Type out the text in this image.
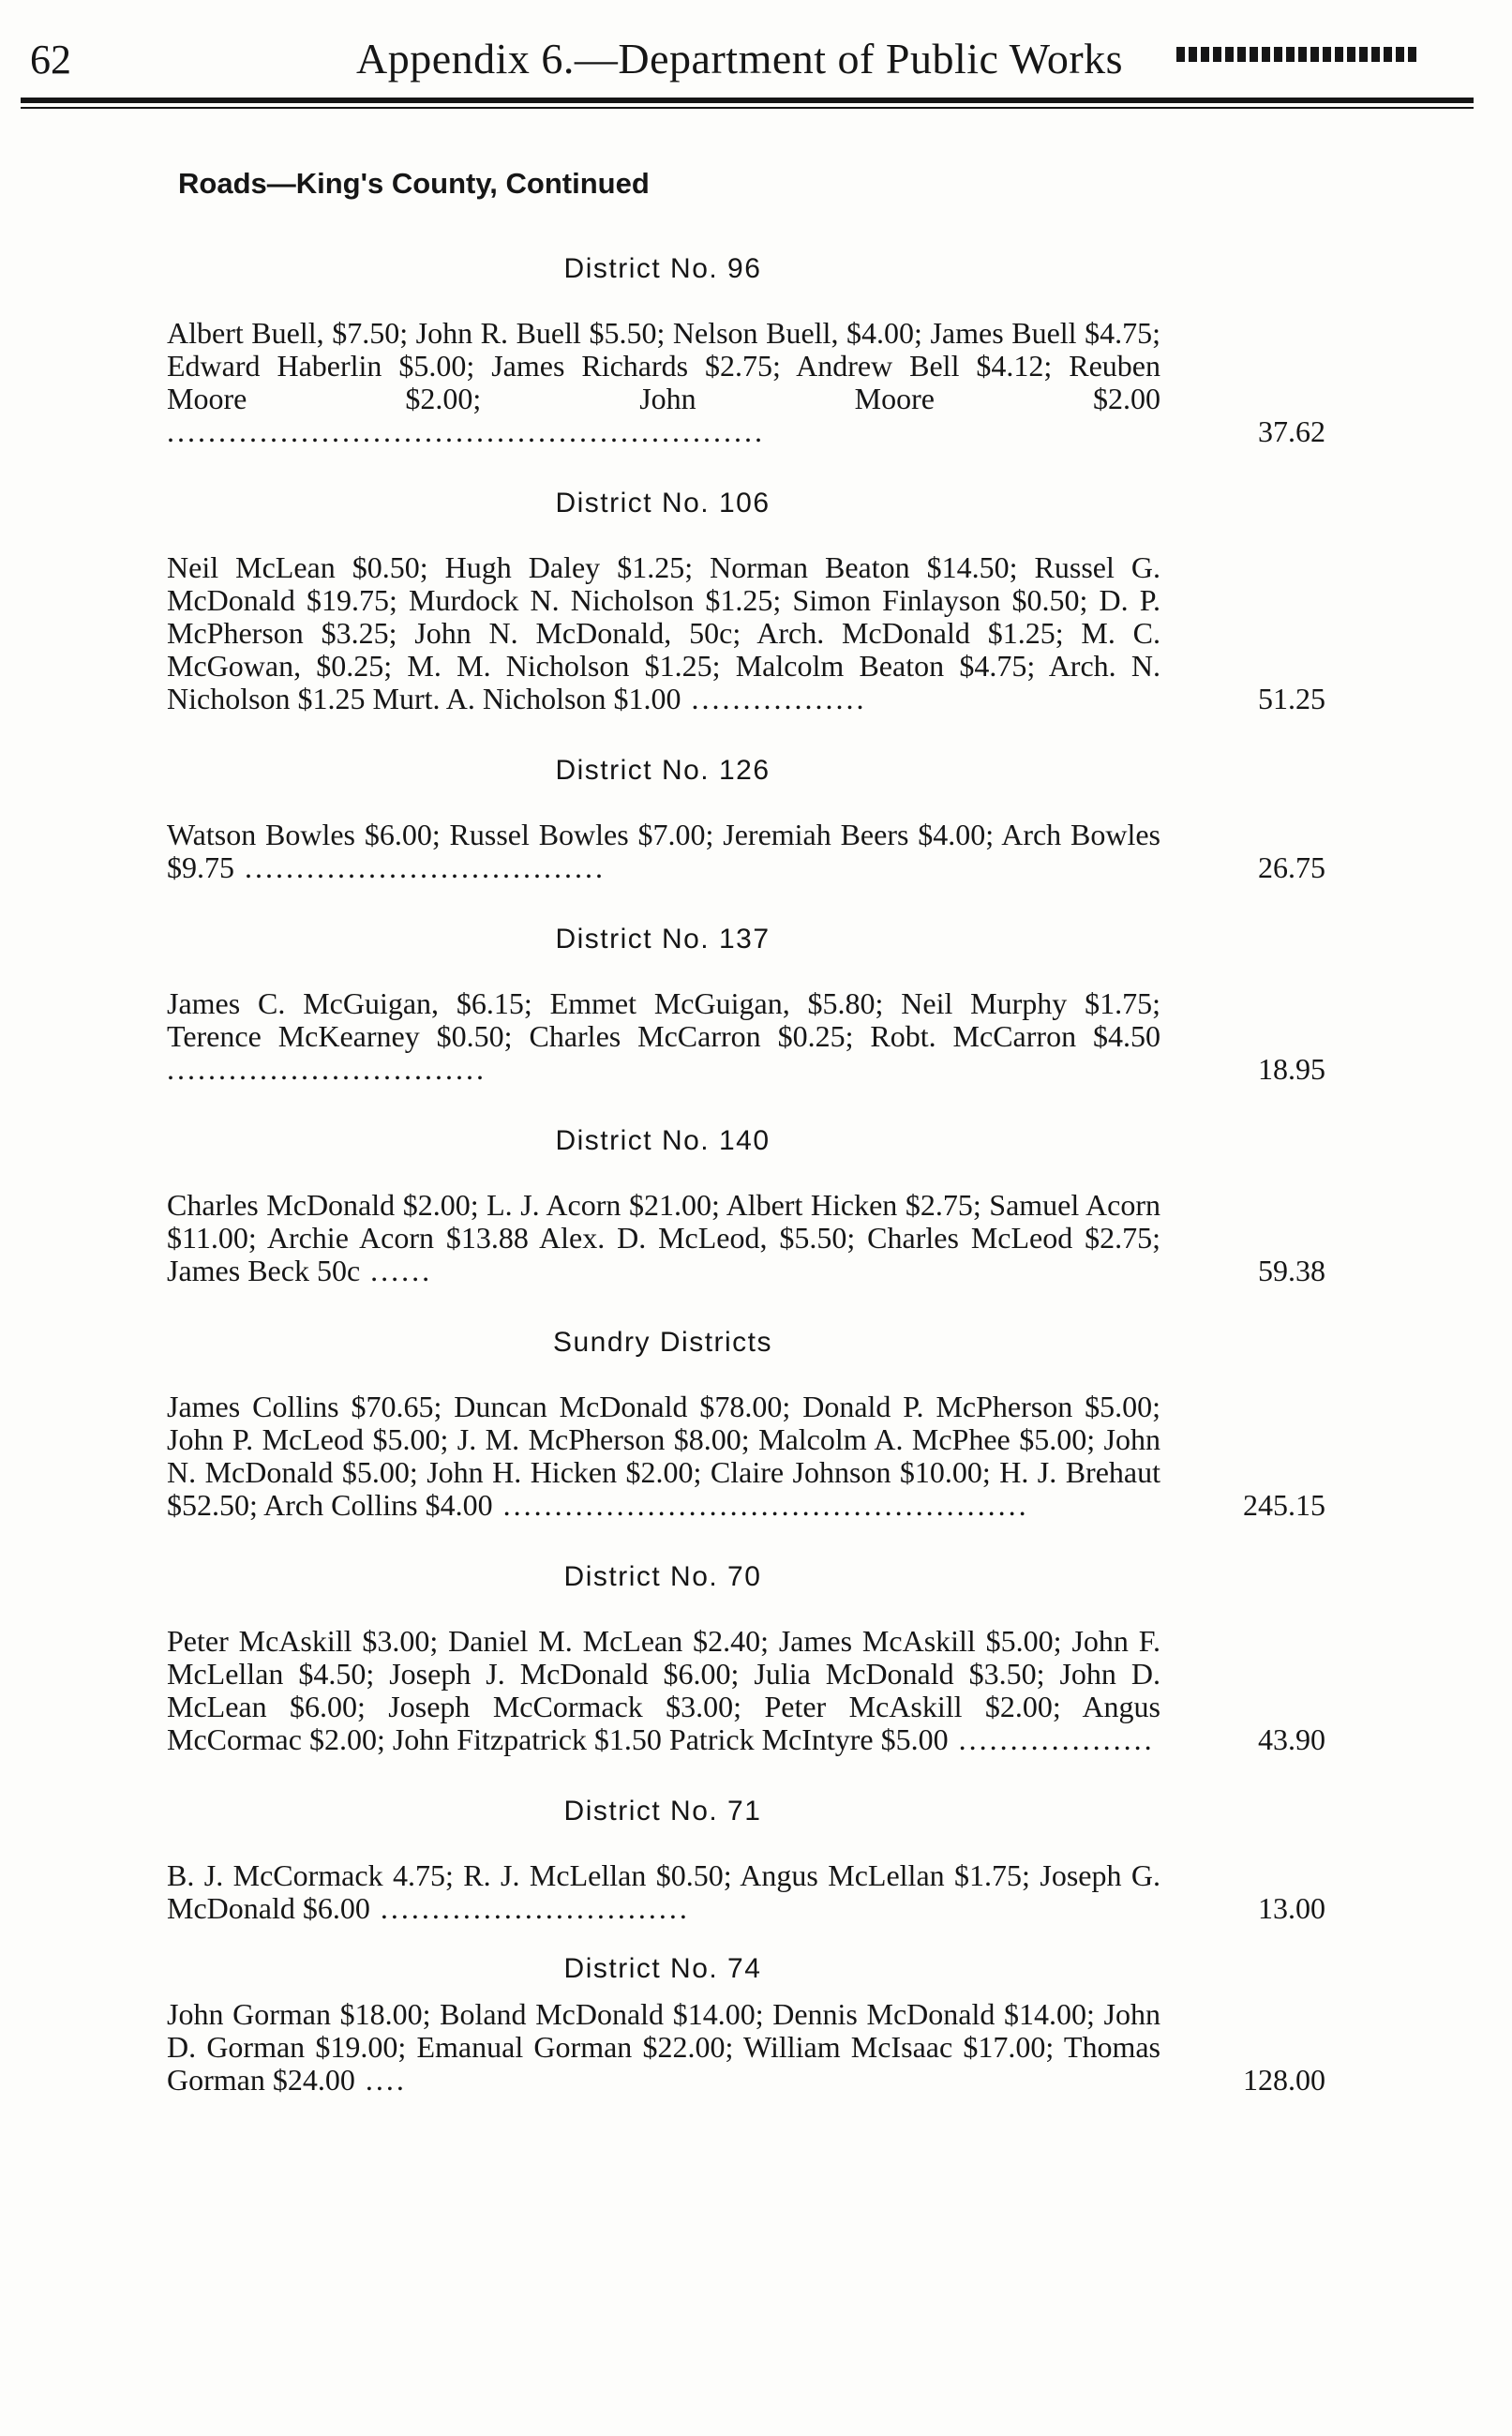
62	Appendix 6.—Department of Public Works
Roads—King's County, Continued
District No. 96
Albert Buell, $7.50; John R. Buell $5.50; Nelson Buell, $4.00; James Buell $4.75; Edward Haberlin $5.00; James Richards $2.75; Andrew Bell $4.12; Reuben Moore $2.00; John Moore $2.00 ..........................................................	37.62
District No. 106
Neil McLean $0.50; Hugh Daley $1.25; Norman Beaton $14.50; Russel G. McDonald $19.75; Murdock N. Nicholson $1.25; Simon Finlayson $0.50; D. P. McPherson $3.25; John N. McDonald, 50c; Arch. McDonald $1.25; M. C. McGowan, $0.25; M. M. Nicholson $1.25; Malcolm Beaton $4.75; Arch. N. Nicholson $1.25 Murt. A. Nicholson $1.00 .................	51.25
District No. 126
Watson Bowles $6.00; Russel Bowles $7.00; Jeremiah Beers $4.00; Arch Bowles $9.75 ...................................	26.75
District No. 137
James C. McGuigan, $6.15; Emmet McGuigan, $5.80; Neil Murphy $1.75; Terence McKearney $0.50; Charles McCarron $0.25; Robt. McCarron $4.50 ...............................	18.95
District No. 140
Charles McDonald $2.00; L. J. Acorn $21.00; Albert Hicken $2.75; Samuel Acorn $11.00; Archie Acorn $13.88 Alex. D. McLeod, $5.50; Charles McLeod $2.75; James Beck 50c ......	59.38
Sundry Districts
James Collins $70.65; Duncan McDonald $78.00; Donald P. McPherson $5.00; John P. McLeod $5.00; J. M. McPherson $8.00; Malcolm A. McPhee $5.00; John N. McDonald $5.00; John H. Hicken $2.00; Claire Johnson $10.00; H. J. Brehaut $52.50; Arch Collins $4.00 ...................................................	245.15
District No. 70
Peter McAskill $3.00; Daniel M. McLean $2.40; James McAskill $5.00; John F. McLellan $4.50; Joseph J. McDonald $6.00; Julia McDonald $3.50; John D. McLean $6.00; Joseph McCormack $3.00; Peter McAskill $2.00; Angus McCormac $2.00; John Fitzpatrick $1.50 Patrick McIntyre $5.00 ...................	43.90
District No. 71
B. J. McCormack 4.75; R. J. McLellan $0.50; Angus McLellan $1.75; Joseph G. McDonald $6.00 ..............................	13.00
District No. 74
John Gorman $18.00; Boland McDonald $14.00; Dennis McDonald $14.00; John D. Gorman $19.00; Emanual Gorman $22.00; William McIsaac $17.00; Thomas Gorman $24.00 ....	128.00
